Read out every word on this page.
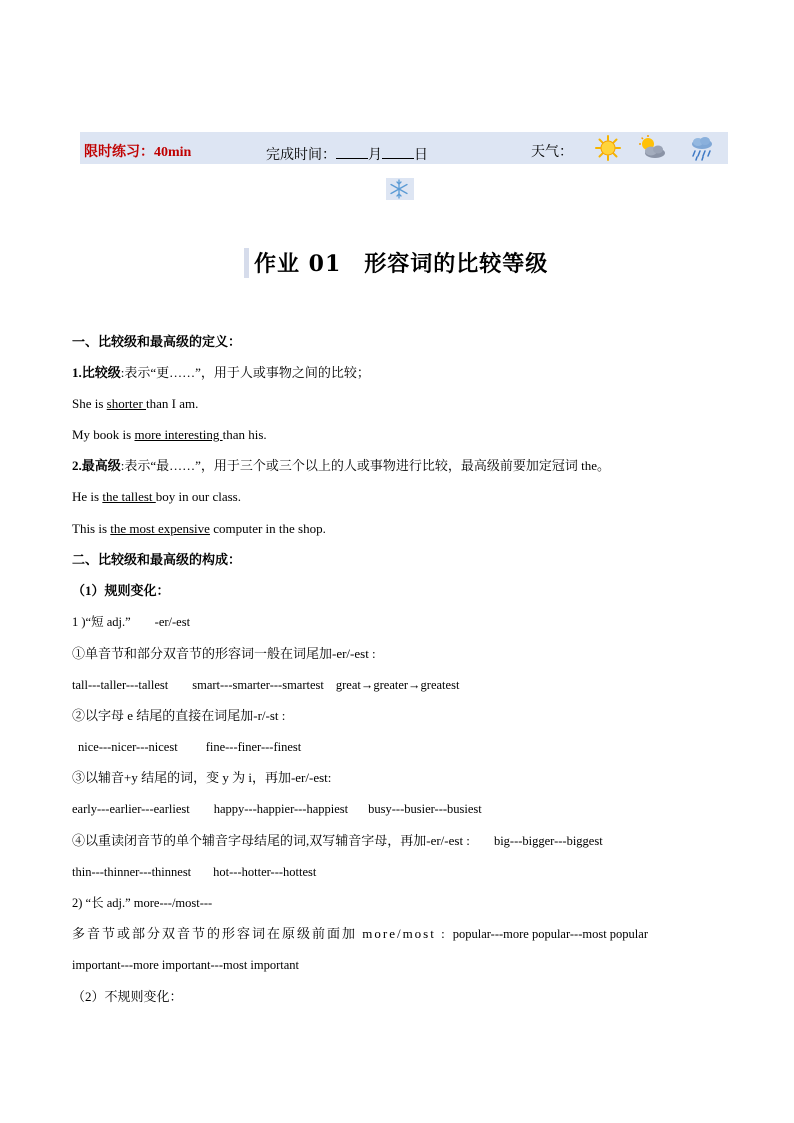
限时练习：40min	完成时间： 月 日	天气：
作业 01　形容词的比较等级
一、比较级和最高级的定义：
1.比较级:表示“更……”，用于人或事物之间的比较；
She is shorter than I am.
My book is more interesting than his.
2.最高级:表示“最……”，用于三个或三个以上的人或事物进行比较，最高级前要加定冠词 the。
He is the tallest boy in our class.
This is the most expensive computer in the shop.
二、比较级和最高级的构成：
（1）规则变化：
1 )“短 adj.” -er/-est
①单音节和部分双音节的形容词一般在词尾加-er/-est :
tall---taller---tallest smart---smarter---smartest great→greater→greatest
②以字母 e 结尾的直接在词尾加-r/-st :
nice---nicer---nicest fine---finer---finest
③以辅音+y 结尾的词，变 y 为 i，再加-er/-est:
early---earlier---earliest happy---happier---happiest busy---busier---busiest
④以重读闭音节的单个辅音字母结尾的词,双写辅音字母，再加-er/-est : big---bigger---biggest
thin---thinner---thinnest hot---hotter---hottest
2) “长 adj.” more---/most---
多音节或部分双音节的形容词在原级前面加 more/most : popular---more popular---most popular
important---more important---most important
（2）不规则变化：
